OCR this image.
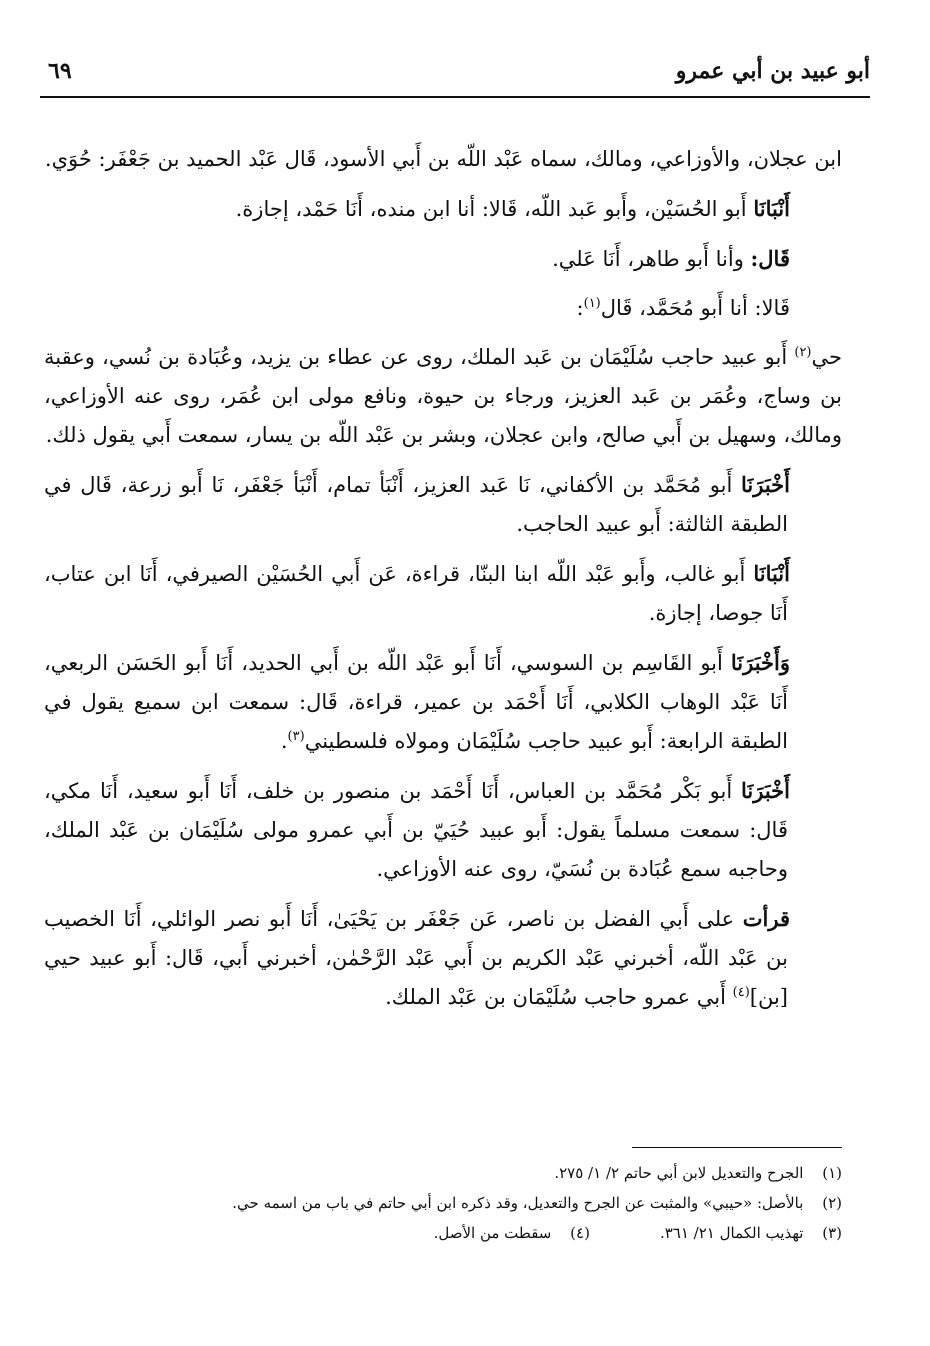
أبو عبيد بن أبي عمرو
٦٩

ابن عجلان، والأوزاعي، ومالك، سماه عَبْد اللّه بن أَبي الأسود، قَال عَبْد الحميد بن جَعْفَر: حُوَي.

أَنْبَانَا أَبو الحُسَيْن، وأَبو عَبد اللّه، قَالا: أنا ابن منده، أَنَا حَمْد، إجازة.

قَال: وأنا أَبو طاهر، أَنَا عَلي.

قَالا: أنا أَبو مُحَمَّد، قَال$^{(١)}$:

حي$^{(٢)}$ أَبو عبيد حاجب سُلَيْمَان بن عَبد الملك، روى عن عطاء بن يزيد، وعُبَادة بن نُسي، وعقبة بن وساج، وعُمَر بن عَبد العزيز، ورجاء بن حيوة، ونافع مولى ابن عُمَر، روى عنه الأوزاعي، ومالك، وسهيل بن أَبي صالح، وابن عجلان، وبشر بن عَبْد اللّه بن يسار، سمعت أَبي يقول ذلك.

أَخْبَرَنَا أَبو مُحَمَّد بن الأكفاني، نَا عَبد العزيز، أَنْبَأ تمام، أَنْبَأ جَعْفَر، نَا أَبو زرعة، قَال في الطبقة الثالثة: أَبو عبيد الحاجب.

أَنْبَانَا أَبو غالب، وأَبو عَبْد اللّه ابنا البنّا، قراءة، عَن أَبي الحُسَيْن الصيرفي، أَنَا ابن عتاب، أَنَا جوصا، إجازة.

وَأَخْبَرَنَا أَبو القَاسِم بن السوسي، أَنَا أَبو عَبْد اللّه بن أَبي الحديد، أَنَا أَبو الحَسَن الربعي، أَنَا عَبْد الوهاب الكلابي، أَنَا أَحْمَد بن عمير، قراءة، قَال: سمعت ابن سميع يقول في الطبقة الرابعة: أَبو عبيد حاجب سُلَيْمَان ومولاه فلسطيني$^{(٣)}$.

أَخْبَرَنَا أَبو بَكْر مُحَمَّد بن العباس، أَنَا أَحْمَد بن منصور بن خلف، أَنَا أَبو سعيد، أَنَا مكي، قَال: سمعت مسلماً يقول: أَبو عبيد حُيَيّ بن أَبي عمرو مولى سُلَيْمَان بن عَبْد الملك، وحاجبه سمع عُبَادة بن نُسَيّ، روى عنه الأوزاعي.

قرأت على أَبي الفضل بن ناصر، عَن جَعْفَر بن يَحْيَىٰ، أَنَا أَبو نصر الوائلي، أَنَا الخصيب بن عَبْد اللّه، أخبرني عَبْد الكريم بن أَبي عَبْد الرَّحْمٰن، أخبرني أَبي، قَال: أَبو عبيد حيي [بن]$^{(٤)}$ أَبي عمرو حاجب سُلَيْمَان بن عَبْد الملك.

(١) الجرح والتعديل لابن أبي حاتم ٢/ ١/ ٢٧٥.
(٢) بالأصل: «حيبي» والمثبت عن الجرح والتعديل، وقد ذكره ابن أبي حاتم في باب من اسمه حي.
(٣) تهذيب الكمال ٢١/ ٣٦١.
(٤) سقطت من الأصل.
